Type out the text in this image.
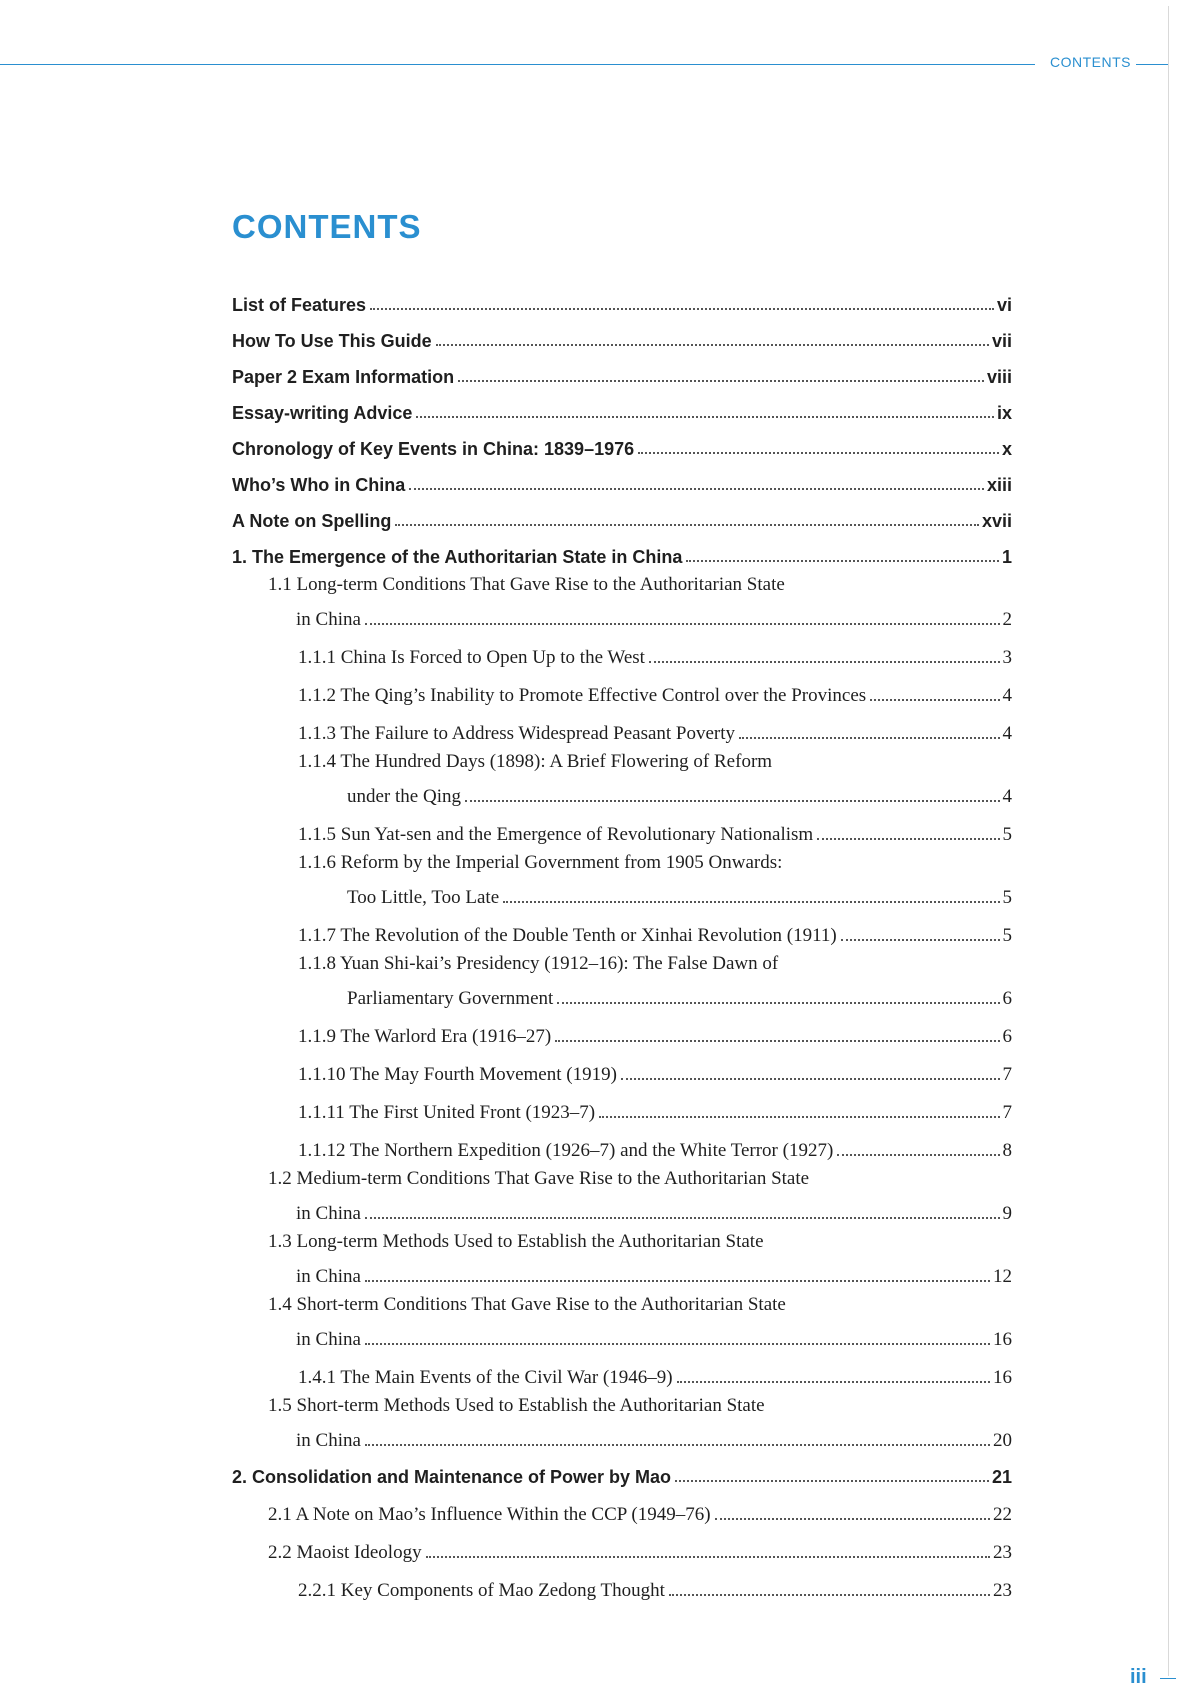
CONTENTS
CONTENTS
List of Features	vi
How To Use This Guide	vii
Paper 2 Exam Information	viii
Essay-writing Advice	ix
Chronology of Key Events in China: 1839–1976	x
Who’s Who in China	xiii
A Note on Spelling	xvii
1. The Emergence of the Authoritarian State in China	1
1.1 Long-term Conditions That Gave Rise to the Authoritarian State
in China	2
1.1.1 China Is Forced to Open Up to the West	3
1.1.2 The Qing’s Inability to Promote Effective Control over the Provinces	4
1.1.3 The Failure to Address Widespread Peasant Poverty	4
1.1.4 The Hundred Days (1898): A Brief Flowering of Reform
under the Qing	4
1.1.5 Sun Yat-sen and the Emergence of Revolutionary Nationalism	5
1.1.6 Reform by the Imperial Government from 1905 Onwards:
Too Little, Too Late	5
1.1.7 The Revolution of the Double Tenth or Xinhai Revolution (1911)	5
1.1.8 Yuan Shi-kai’s Presidency (1912–16): The False Dawn of
Parliamentary Government	6
1.1.9 The Warlord Era (1916–27)	6
1.1.10 The May Fourth Movement (1919)	7
1.1.11 The First United Front (1923–7)	7
1.1.12 The Northern Expedition (1926–7) and the White Terror (1927)	8
1.2 Medium-term Conditions That Gave Rise to the Authoritarian State
in China	9
1.3 Long-term Methods Used to Establish the Authoritarian State
in China	12
1.4 Short-term Conditions That Gave Rise to the Authoritarian State
in China	16
1.4.1 The Main Events of the Civil War (1946–9)	16
1.5 Short-term Methods Used to Establish the Authoritarian State
in China	20
2. Consolidation and Maintenance of Power by Mao	21
2.1 A Note on Mao’s Influence Within the CCP (1949–76)	22
2.2 Maoist Ideology	23
2.2.1 Key Components of Mao Zedong Thought	23
iii
